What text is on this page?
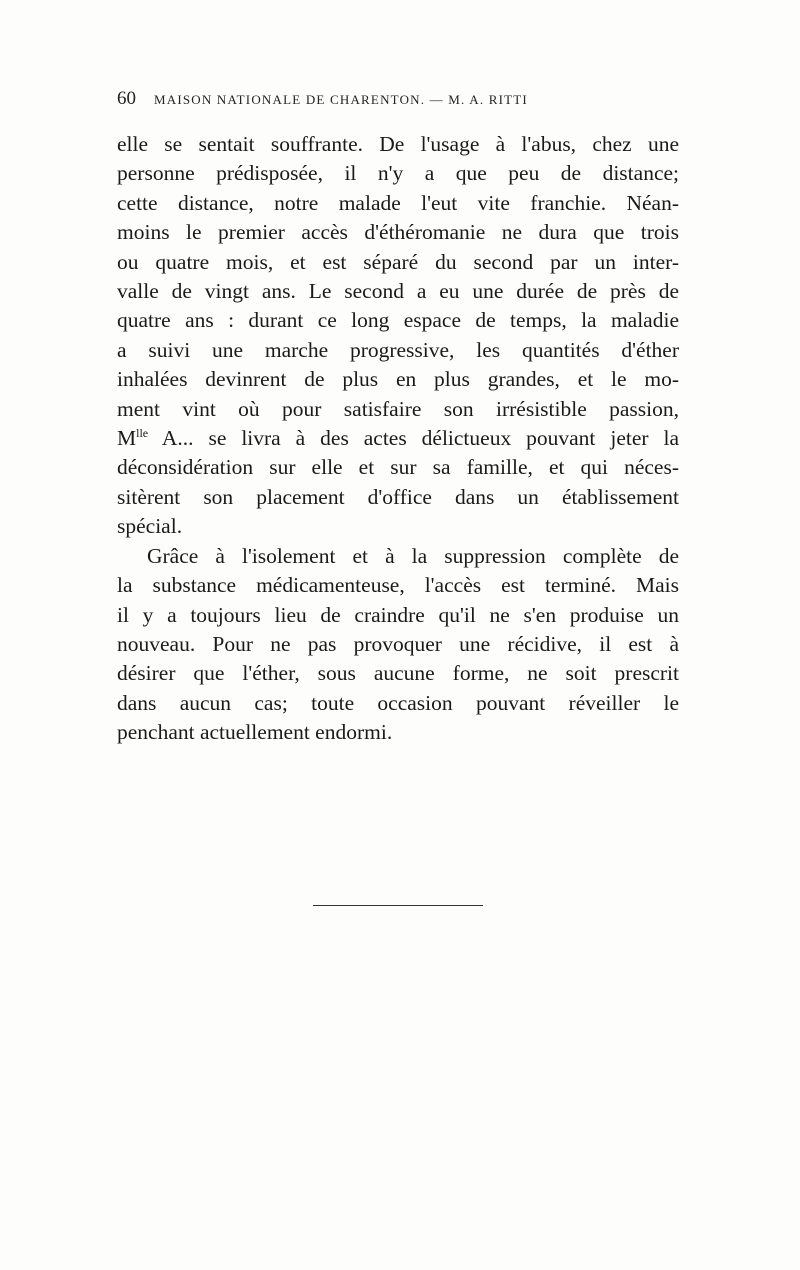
60 MAISON NATIONALE DE CHARENTON. — M. A. RITTI

elle se sentait souffrante. De l'usage à l'abus, chez une
personne prédisposée, il n'y a que peu de distance;
cette distance, notre malade l'eut vite franchie. Néan-
moins le premier accès d'éthéromanie ne dura que trois
ou quatre mois, et est séparé du second par un inter-
valle de vingt ans. Le second a eu une durée de près de
quatre ans : durant ce long espace de temps, la maladie
a suivi une marche progressive, les quantités d'éther
inhalées devinrent de plus en plus grandes, et le mo-
ment vint où pour satisfaire son irrésistible passion,
$M^{lle}$ A... se livra à des actes délictueux pouvant jeter la
déconsidération sur elle et sur sa famille, et qui néces-
sitèrent son placement d'office dans un établissement
spécial.

Grâce à l'isolement et à la suppression complète de
la substance médicamenteuse, l'accès est terminé. Mais
il y a toujours lieu de craindre qu'il ne s'en produise un
nouveau. Pour ne pas provoquer une récidive, il est à
désirer que l'éther, sous aucune forme, ne soit prescrit
dans aucun cas; toute occasion pouvant réveiller le
penchant actuellement endormi.
